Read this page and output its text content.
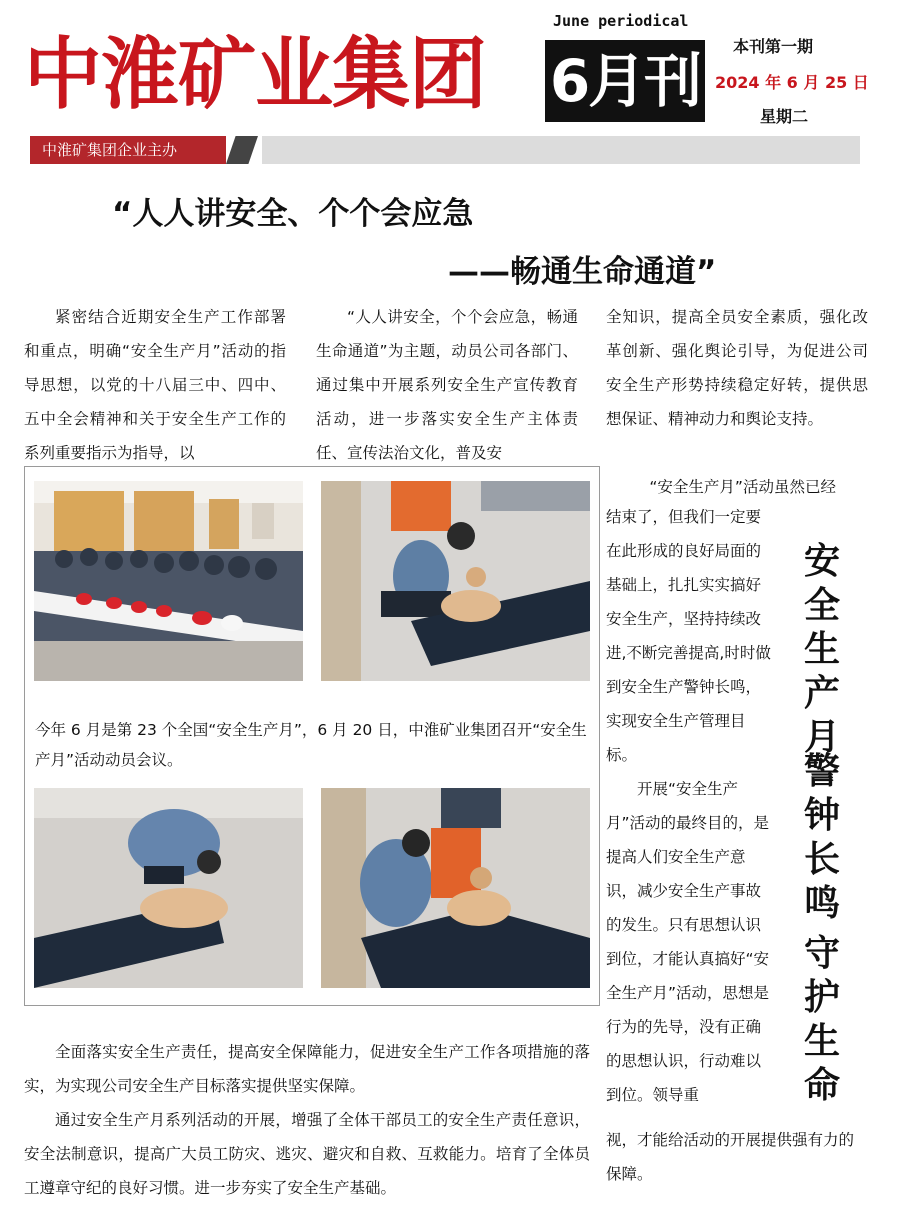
中淮矿业集团
June periodical
6月刊
本刊第一期
2024 年 6 月 25 日
星期二
中淮矿集团企业主办
“人人讲安全、个个会应急
——畅通生命通道”
紧密结合近期安全生产工作部署和重点，明确“安全生产月”活动的指导思想，以党的十八届三中、四中、五中全会精神和关于安全生产工作的系列重要指示为指导，以
“人人讲安全，个个会应急，畅通生命通道”为主题，动员公司各部门、通过集中开展系列安全生产宣传教育活动，进一步落实安全生产主体责任、宣传法治文化，普及安
全知识，提高全员安全素质，强化改革创新、强化舆论引导，为促进公司安全生产形势持续稳定好转，提供思想保证、精神动力和舆论支持。
“安全生产月”活动虽然已经
结束了，但我们一定要在此形成的良好局面的基础上，扎扎实实搞好安全生产，坚持持续改进,不断完善提高,时时做到安全生产警钟长鸣，实现安全生产管理目标。
开展“安全生产月”活动的最终目的，是提高人们安全生产意识，减少安全生产事故的发生。只有思想认识到位，才能认真搞好“安全生产月”活动，思想是行为的先导，没有正确的思想认识，行动难以到位。领导重
视，才能给活动的开展提供强有力的保障。
安全生产月
警钟长鸣
守护生命
今年 6 月是第 23 个全国“安全生产月”，6 月 20 日，中淮矿业集团召开“安全生产月”活动动员会议。
全面落实安全生产责任，提高安全保障能力，促进安全生产工作各项措施的落实，为实现公司安全生产目标落实提供坚实保障。
通过安全生产月系列活动的开展，增强了全体干部员工的安全生产责任意识，安全法制意识，提高广大员工防灾、逃灾、避灾和自救、互救能力。培育了全体员工遵章守纪的良好习惯。进一步夯实了安全生产基础。
